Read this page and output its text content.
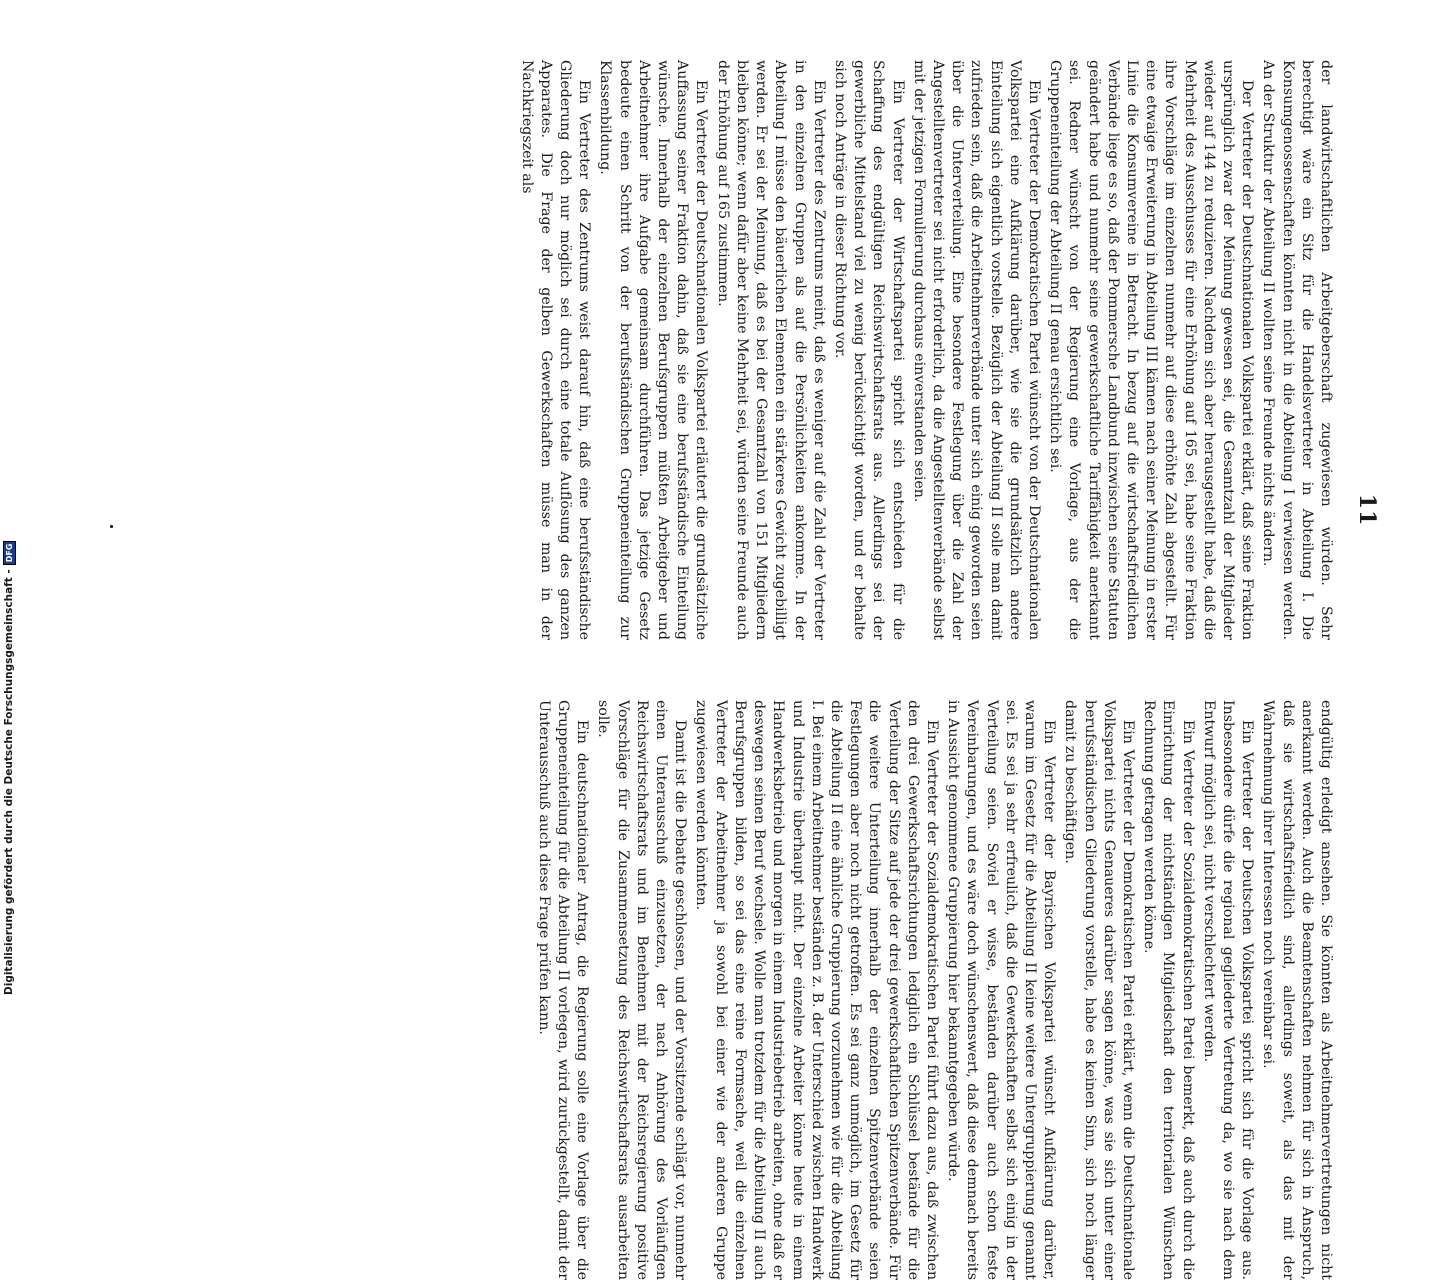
11

der landwirtschaftlichen Arbeitgeberschaft zugewiesen würden. Sehr berechtigt wäre ein Sitz für die Handelsvertreter in Abteilung I. Die Konsumgenossenschaften könnten nicht in die Abteilung I verwiesen werden. An der Struktur der Abteilung II wollten seine Freunde nichts ändern.

Der Vertreter der Deutschnationalen Volkspartei erklärt, daß seine Fraktion ursprünglich zwar der Meinung gewesen sei, die Gesamtzahl der Mitglieder wieder auf 144 zu reduzieren. Nachdem sich aber herausgestellt habe, daß die Mehrheit des Ausschusses für eine Erhöhung auf 165 sei, habe seine Fraktion ihre Vorschläge im einzelnen nunmehr auf diese erhöhte Zahl abgestellt. Für eine etwaige Erweiterung in Abteilung III kämen nach seiner Meinung in erster Linie die Konsumvereine in Betracht. In bezug auf die wirtschaftsfriedlichen Verbände liege es so, daß der Pommersche Landbund inzwischen seine Statuten geändert habe und nunmehr seine gewerkschaftliche Tariffähigkeit anerkannt sei. Redner wünscht von der Regierung eine Vorlage, aus der die Gruppeneinteilung der Abteilung II genau ersichtlich sei.

Ein Vertreter der Demokratischen Partei wünscht von der Deutschnationalen Volkspartei eine Aufklärung darüber, wie sie die grundsätzlich andere Einteilung sich eigentlich vorstelle. Bezüglich der Abteilung II solle man damit zufrieden sein, daß die Arbeitnehmerverbände unter sich einig geworden seien über die Unterverteilung. Eine besondere Festlegung über die Zahl der Angestelltenvertreter sei nicht erforderlich, da die Angestelltenverbände selbst mit der jetzigen Formulierung durchaus einverstanden seien.

Ein Vertreter der Wirtschaftspartei spricht sich entschieden für die Schaffung des endgültigen Reichswirtschaftsrats aus. Allerdings sei der gewerbliche Mittelstand viel zu wenig berücksichtigt worden, und er behalte sich noch Anträge in dieser Richtung vor.

Ein Vertreter des Zentrums meint, daß es weniger auf die Zahl der Vertreter in den einzelnen Gruppen als auf die Persönlichkeiten ankomme. In der Abteilung I müsse den bäuerlichen Elementen ein stärkeres Gewicht zugebilligt werden. Er sei der Meinung, daß es bei der Gesamtzahl von 151 Mitgliedern bleiben könne; wenn dafür aber keine Mehrheit sei, würden seine Freunde auch der Erhöhung auf 165 zustimmen.

Ein Vertreter der Deutschnationalen Volkspartei erläutert die grundsätzliche Auffassung seiner Fraktion dahin, daß sie eine berufsständische Einteilung wünsche. Innerhalb der einzelnen Berufsgruppen müßten Arbeitgeber und Arbeitnehmer ihre Aufgabe gemeinsam durchführen. Das jetzige Gesetz bedeute einen Schritt von der berufsständischen Gruppeneinteilung zur Klassenbildung.

Ein Vertreter des Zentrums weist darauf hin, daß eine berufsständische Gliederung doch nur möglich sei durch eine totale Auflösung des ganzen Apparates. Die Frage der gelben Gewerkschaften müsse man in der Nachkriegszeit als

endgültig erledigt ansehen. Sie könnten als Arbeitnehmervertretungen nicht anerkannt werden. Auch die Beamtenschaften nehmen für sich in Anspruch, daß sie wirtschaftsfriedlich sind, allerdings soweit, als das mit der Wahrnehmung ihrer Interessen noch vereinbar sei.

Ein Vertreter der Deutschen Volkspartei spricht sich für die Vorlage aus. Insbesondere dürfe die regional gegliederte Vertretung da, wo sie nach dem Entwurf möglich sei, nicht verschlechtert werden.

Ein Vertreter der Sozialdemokratischen Partei bemerkt, daß auch durch die Einrichtung der nichtständigen Mitgliedschaft den territorialen Wünschen Rechnung getragen werden könne.

Ein Vertreter der Demokratischen Partei erklärt, wenn die Deutschnationale Volkspartei nichts Genaueres darüber sagen könne, was sie sich unter einer berufsständischen Gliederung vorstelle, habe es keinen Sinn, sich noch länger damit zu beschäftigen.

Ein Vertreter der Bayrischen Volkspartei wünscht Aufklärung darüber, warum im Gesetz für die Abteilung II keine weitere Untergruppierung genannt sei. Es sei ja sehr erfreulich, daß die Gewerkschaften selbst sich einig in der Verteilung seien. Soviel er wisse, beständen darüber auch schon feste Vereinbarungen, und es wäre doch wünschenswert, daß diese demnach bereits in Aussicht genommene Gruppierung hier bekanntgegeben würde.

Ein Vertreter der Sozialdemokratischen Partei führt dazu aus, daß zwischen den drei Gewerkschaftsrichtungen lediglich ein Schlüssel bestände für die Verteilung der Sitze auf jede der drei gewerkschaftlichen Spitzenverbände. Für die weitere Unterteilung innerhalb der einzelnen Spitzenverbände seien Festlegungen aber noch nicht getroffen. Es sei ganz unmöglich, im Gesetz für die Abteilung II eine ähnliche Gruppierung vorzunehmen wie für die Abteilung I. Bei einem Arbeitnehmer beständen z. B. der Unterschied zwischen Handwerk und Industrie überhaupt nicht. Der einzelne Arbeiter könne heute in einem Handwerksbetrieb und morgen in einem Industriebetrieb arbeiten, ohne daß er deswegen seinen Beruf wechsele. Wolle man trotzdem für die Abteilung II auch Berufsgruppen bilden, so sei das eine reine Formsache, weil die einzelnen Vertreter der Arbeitnehmer ja sowohl bei einer wie der anderen Gruppe zugewiesen werden könnten.

Damit ist die Debatte geschlossen, und der Vorsitzende schlägt vor, nunmehr einen Unterausschuß einzusetzen, der nach Anhörung des Vorläufigen Reichswirtschaftsrats und im Benehmen mit der Reichsregierung positive Vorschläge für die Zusammensetzung des Reichswirtschaftsrats ausarbeiten solle.

Ein deutschnationaler Antrag, die Regierung solle eine Vorlage über die Gruppeneinteilung für die Abteilung II vorlegen, wird zurückgestellt, damit der Unterausschuß auch diese Frage prüfen kann.

Digitalisierung gefördert durch die Deutsche Forschungsgemeinschaft -
DFG
